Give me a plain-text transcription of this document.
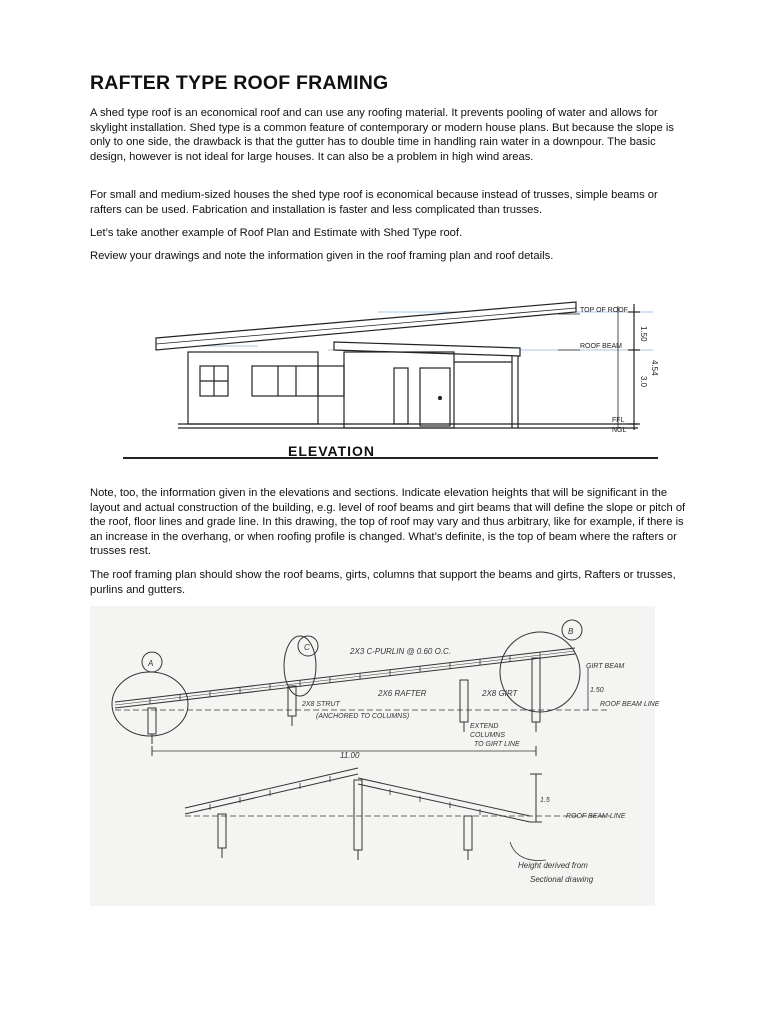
RAFTER TYPE ROOF FRAMING

A shed type roof is an economical roof and can use any roofing material. It prevents pooling of water and allows for skylight installation. Shed type is a common feature of contemporary or modern house plans. But because the slope is only to one side, the drawback is that the gutter has to double time in handling rain water in a downpour. The basic design, however is not ideal for large houses. It can also be a problem in high wind areas.

For small and medium-sized houses the shed type roof is economical because instead of trusses, simple beams or rafters can be used. Fabrication and installation is faster and less complicated than trusses.

Let’s take another example of Roof Plan and Estimate with Shed Type roof.

Review your drawings and note the information given in the roof framing plan and roof details.

TOP OF ROOF
ROOF BEAM
FFL
NGL
1.50
4.54
3.0
ELEVATION

Note, too, the information given in the elevations and sections. Indicate elevation heights that will be significant in the layout and actual construction of the building, e.g. level of roof beams and girt beams that will define the slope or pitch of the roof, floor lines and grade line. In this drawing, the top of roof may vary and thus arbitrary, like for example, if there is an increase in the overhang, or when roofing profile is changed. What’s definite, is the top of beam where the rafters or trusses rest.

The roof framing plan should show the roof beams, girts, columns that support the beams and girts, Rafters or trusses, purlins and gutters.

A
B
C	2X3 C-PURLIN @ 0.60 O.C.
GIRT BEAM
2X6 RAFTER	2X8 GIRT	1.50
ROOF BEAM LINE
2X8 STRUT
(ANCHORED TO COLUMNS)
EXTEND
COLUMNS
TO GIRT LINE
11.00
1.5
ROOF BEAM LINE
Height derived from
Sectional drawing
